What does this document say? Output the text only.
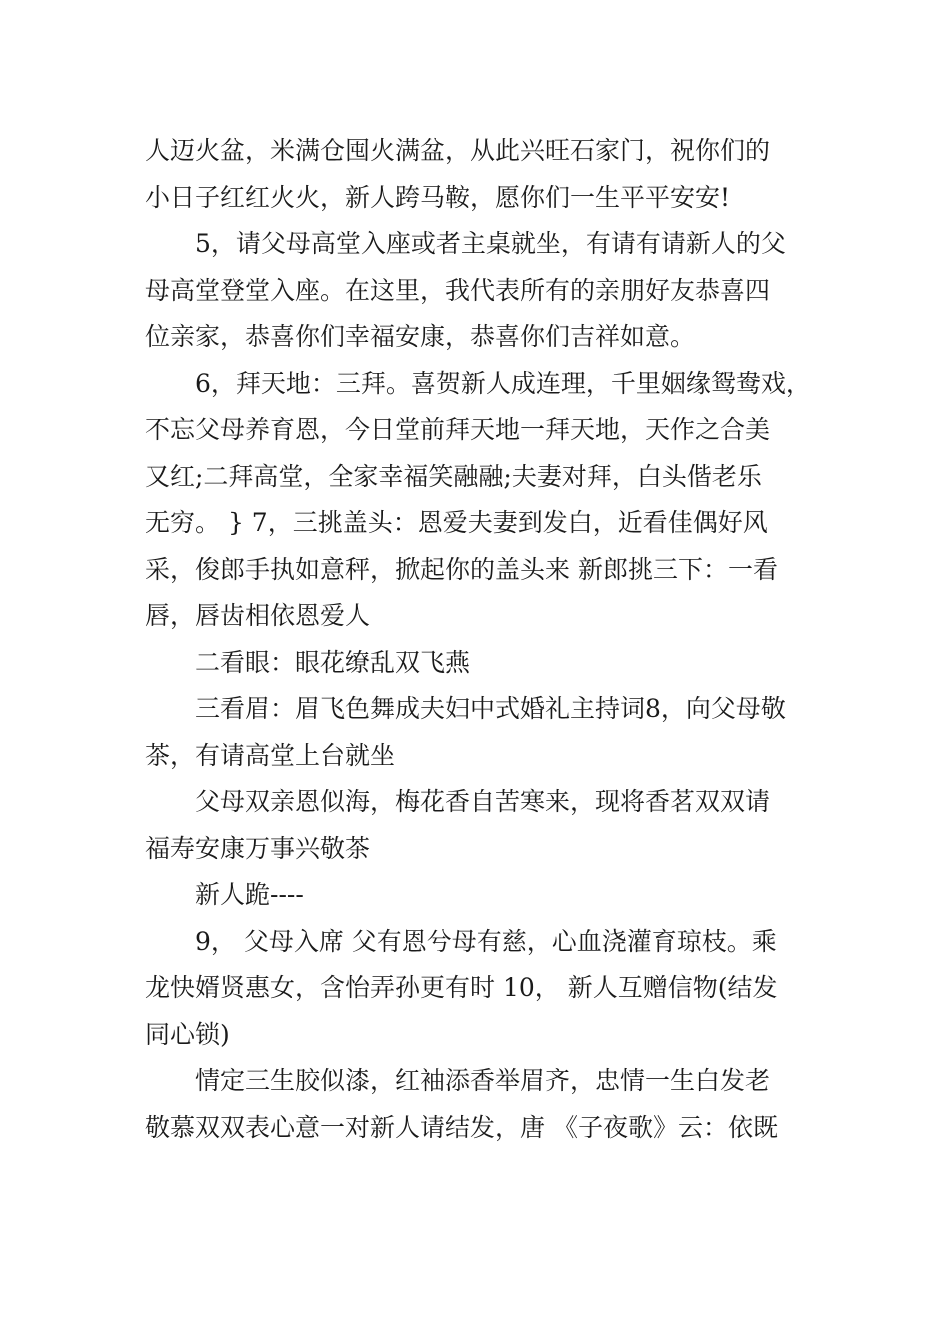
人迈火盆，米满仓囤火满盆，从此兴旺石家门，祝你们的
小日子红红火火，新人跨马鞍，愿你们一生平平安安!
5，请父母高堂入座或者主桌就坐，有请有请新人的父
母高堂登堂入座。在这里，我代表所有的亲朋好友恭喜四
位亲家，恭喜你们幸福安康，恭喜你们吉祥如意。
6，拜天地：三拜。喜贺新人成连理，千里姻缘鸳鸯戏，
不忘父母养育恩，今日堂前拜天地一拜天地，天作之合美
又红;二拜高堂，全家幸福笑融融;夫妻对拜，白头偕老乐
无穷。 } 7，三挑盖头：恩爱夫妻到发白，近看佳偶好风
采，俊郎手执如意秤，掀起你的盖头来 新郎挑三下：一看
唇，唇齿相依恩爱人
二看眼：眼花缭乱双飞燕
三看眉：眉飞色舞成夫妇中式婚礼主持词8，向父母敬
茶，有请高堂上台就坐
父母双亲恩似海，梅花香自苦寒来，现将香茗双双请
福寿安康万事兴敬茶
新人跪----
9， 父母入席 父有恩兮母有慈，心血浇灌育琼枝。乘
龙快婿贤惠女，含怡弄孙更有时 10， 新人互赠信物(结发
同心锁)
情定三生胶似漆，红袖添香举眉齐，忠情一生白发老
敬慕双双表心意一对新人请结发，唐 《子夜歌》云：依既
